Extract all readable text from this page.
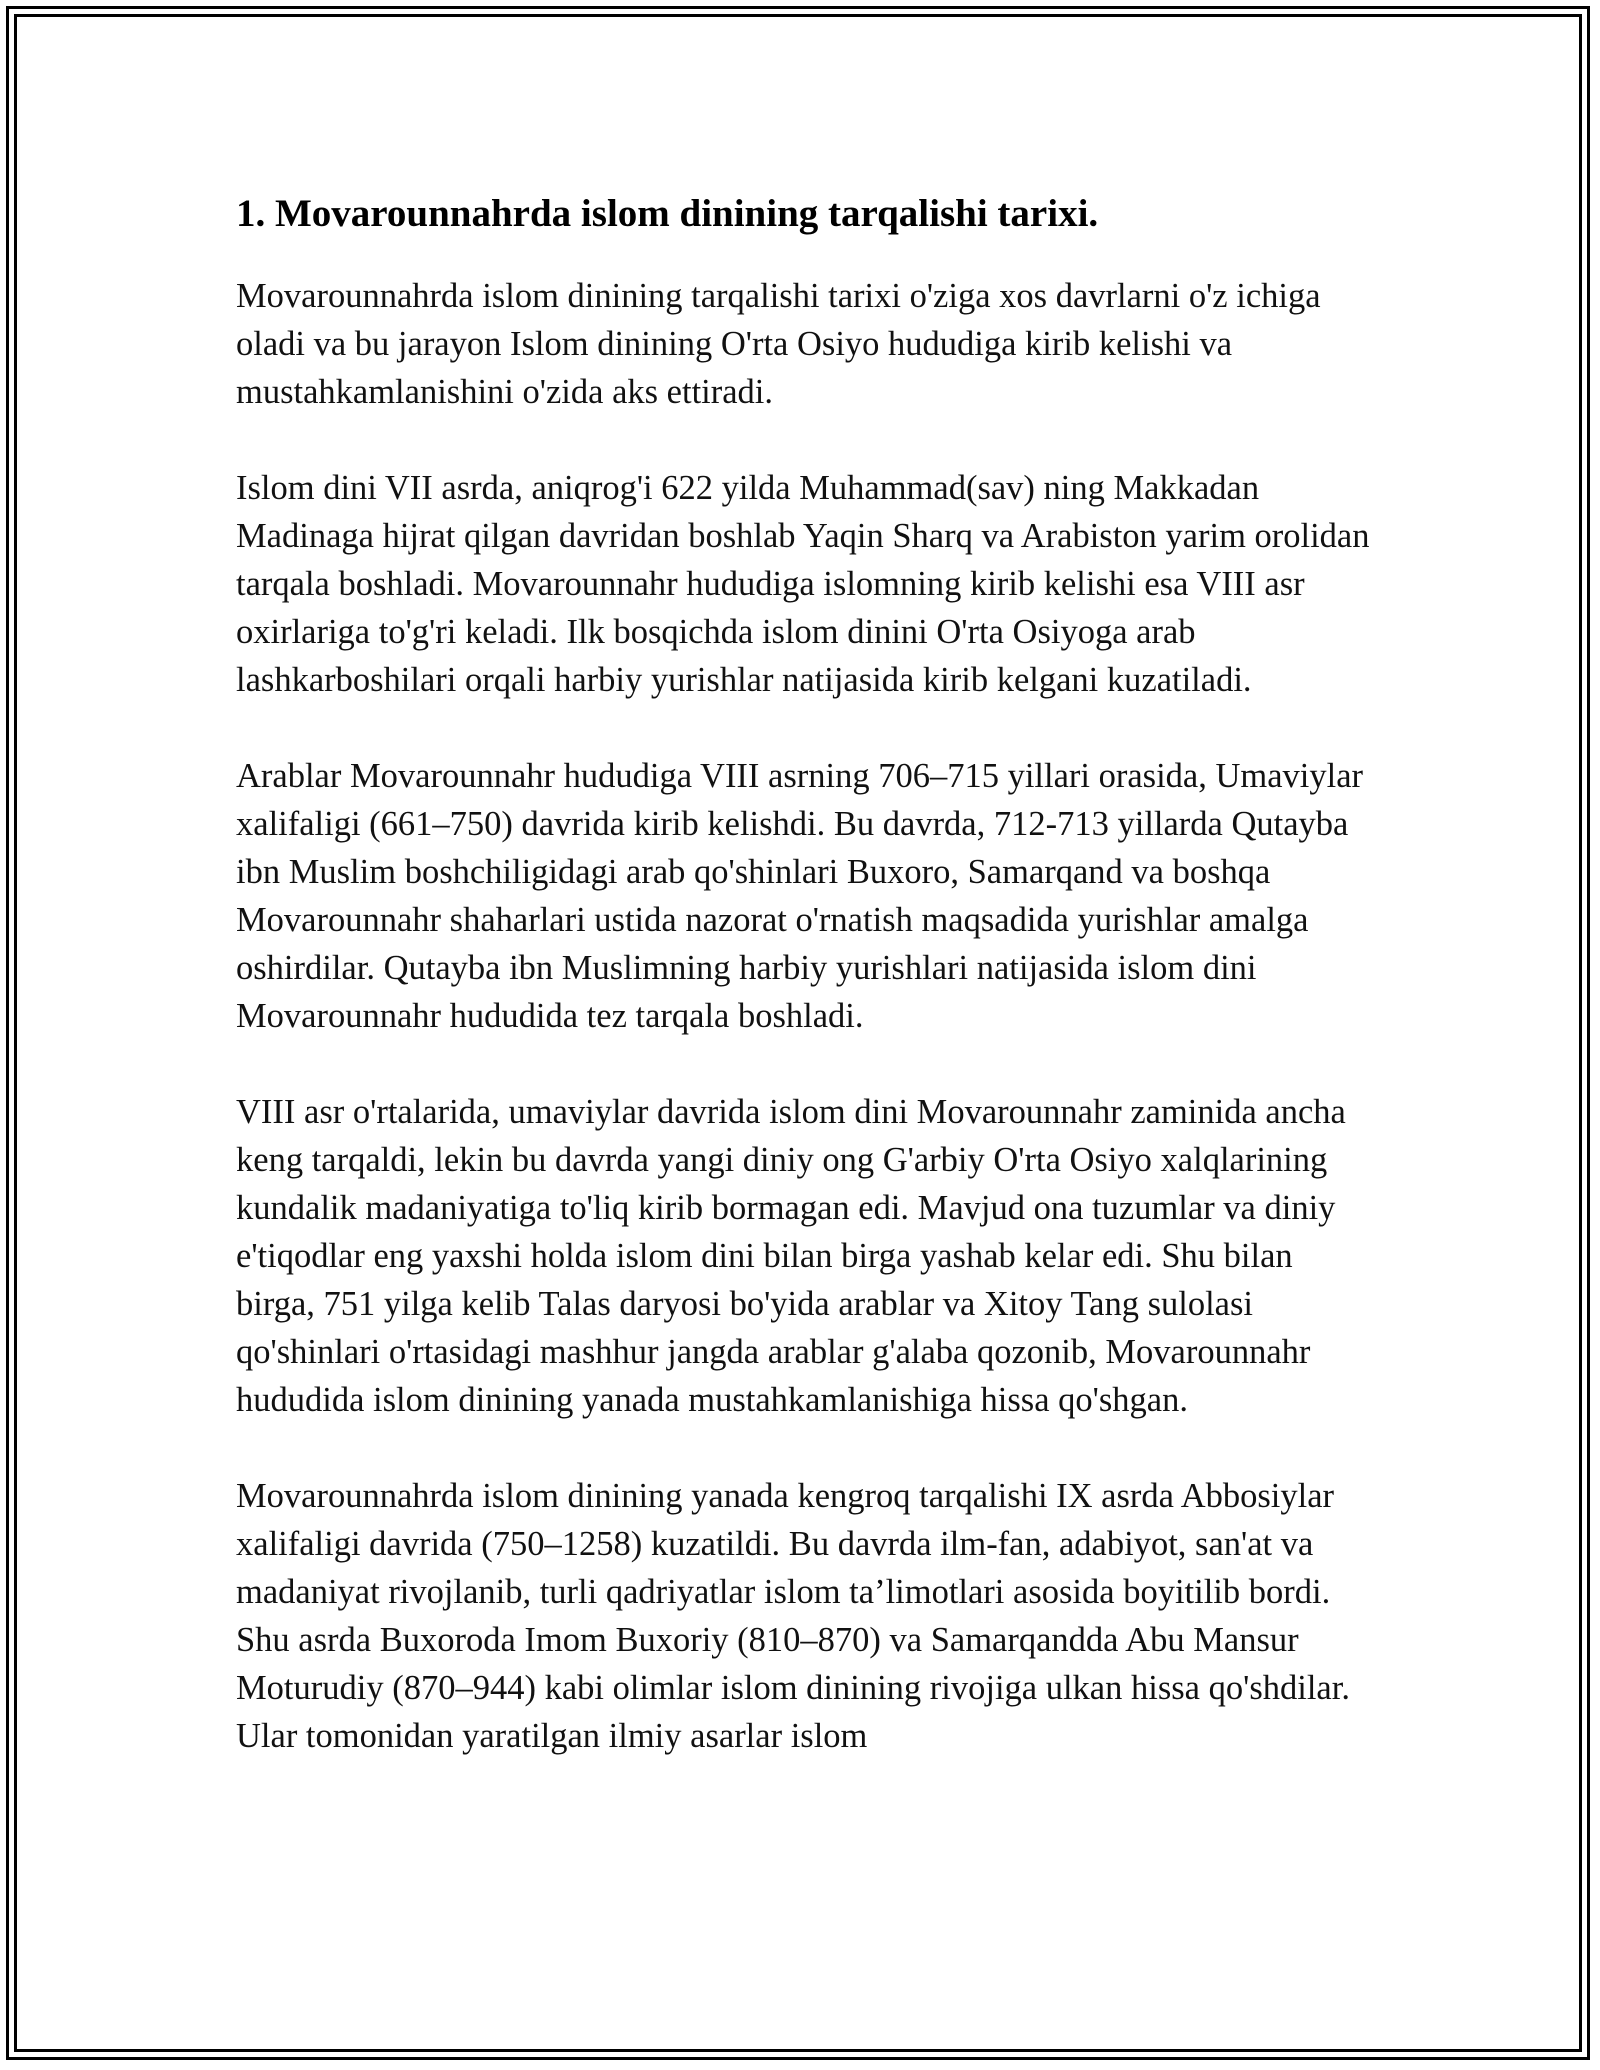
1. Movarounnahrda islom dinining tarqalishi tarixi.

Movarounnahrda islom dinining tarqalishi tarixi o'ziga xos davrlarni o'z ichiga oladi va bu jarayon Islom dinining O'rta Osiyo hududiga kirib kelishi va mustahkamlanishini o'zida aks ettiradi.

Islom dini VII asrda, aniqrog'i 622 yilda Muhammad(sav) ning Makkadan Madinaga hijrat qilgan davridan boshlab Yaqin Sharq va Arabiston yarim orolidan tarqala boshladi. Movarounnahr hududiga islomning kirib kelishi esa VIII asr oxirlariga to'g'ri keladi. Ilk bosqichda islom dinini O'rta Osiyoga arab lashkarboshilari orqali harbiy yurishlar natijasida kirib kelgani kuzatiladi.

Arablar Movarounnahr hududiga VIII asrning 706–715 yillari orasida, Umaviylar xalifaligi (661–750) davrida kirib kelishdi. Bu davrda, 712-713 yillarda Qutayba ibn Muslim boshchiligidagi arab qo'shinlari Buxoro, Samarqand va boshqa Movarounnahr shaharlari ustida nazorat o'rnatish maqsadida yurishlar amalga oshirdilar. Qutayba ibn Muslimning harbiy yurishlari natijasida islom dini Movarounnahr hududida tez tarqala boshladi.

VIII asr o'rtalarida, umaviylar davrida islom dini Movarounnahr zaminida ancha keng tarqaldi, lekin bu davrda yangi diniy ong G'arbiy O'rta Osiyo xalqlarining kundalik madaniyatiga to'liq kirib bormagan edi. Mavjud ona tuzumlar va diniy e'tiqodlar eng yaxshi holda islom dini bilan birga yashab kelar edi. Shu bilan birga, 751 yilga kelib Talas daryosi bo'yida arablar va Xitoy Tang sulolasi qo'shinlari o'rtasidagi mashhur jangda arablar g'alaba qozonib, Movarounnahr hududida islom dinining yanada mustahkamlanishiga hissa qo'shgan.

Movarounnahrda islom dinining yanada kengroq tarqalishi IX asrda Abbosiylar xalifaligi davrida (750–1258) kuzatildi. Bu davrda ilm-fan, adabiyot, san'at va madaniyat rivojlanib, turli qadriyatlar islom ta’limotlari asosida boyitilib bordi. Shu asrda Buxoroda Imom Buxoriy (810–870) va Samarqandda Abu Mansur Moturudiy (870–944) kabi olimlar islom dinining rivojiga ulkan hissa qo'shdilar. Ular tomonidan yaratilgan ilmiy asarlar islom
